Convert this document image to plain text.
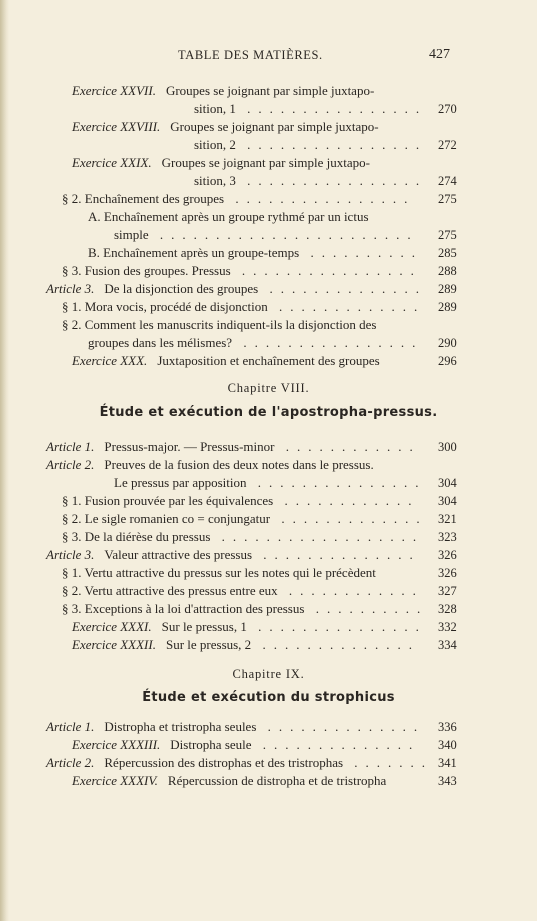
TABLE DES MATIÈRES.	427
Exercice XXVII. Groupes se joignant par simple juxtapo-
sition, 1 ................ 270
Exercice XXVIII. Groupes se joignant par simple juxtapo-
sition, 2 ................ 272
Exercice XXIX. Groupes se joignant par simple juxtapo-
sition, 3 ................ 274
§ 2. Enchaînement des groupes ................ 275
A. Enchaînement après un groupe rythmé par un ictus
simple ....................... 275
B. Enchaînement après un groupe-temps .......... 285
§ 3. Fusion des groupes. Pressus ................ 288
Article 3. De la disjonction des groupes .............. 289
§ 1. Mora vocis, procédé de disjonction ............. 289
§ 2. Comment les manuscrits indiquent-ils la disjonction des
groupes dans les mélismes? ................ 290
Exercice XXX. Juxtaposition et enchaînement des groupes	296
Chapitre VIII.
Étude et exécution de l'apostropha-pressus.
Article 1. Pressus-major. — Pressus-minor ............ 300
Article 2. Preuves de la fusion des deux notes dans le pressus.
Le pressus par apposition ............... 304
§ 1. Fusion prouvée par les équivalences ............ 304
§ 2. Le sigle romanien co = conjungatur ............. 321
§ 3. De la diérèse du pressus .................. 323
Article 3. Valeur attractive des pressus .............. 326
§ 1. Vertu attractive du pressus sur les notes qui le précèdent	326
§ 2. Vertu attractive des pressus entre eux ............ 327
§ 3. Exceptions à la loi d'attraction des pressus .......... 328
Exercice XXXI. Sur le pressus, 1 ............... 332
Exercice XXXII. Sur le pressus, 2 .............. 334
Chapitre IX.
Étude et exécution du strophicus
Article 1. Distropha et tristropha seules .............. 336
Exercice XXXIII. Distropha seule .............. 340
Article 2. Répercussion des distrophas et des tristrophas ....... 341
Exercice XXXIV. Répercussion de distropha et de tristropha	343
